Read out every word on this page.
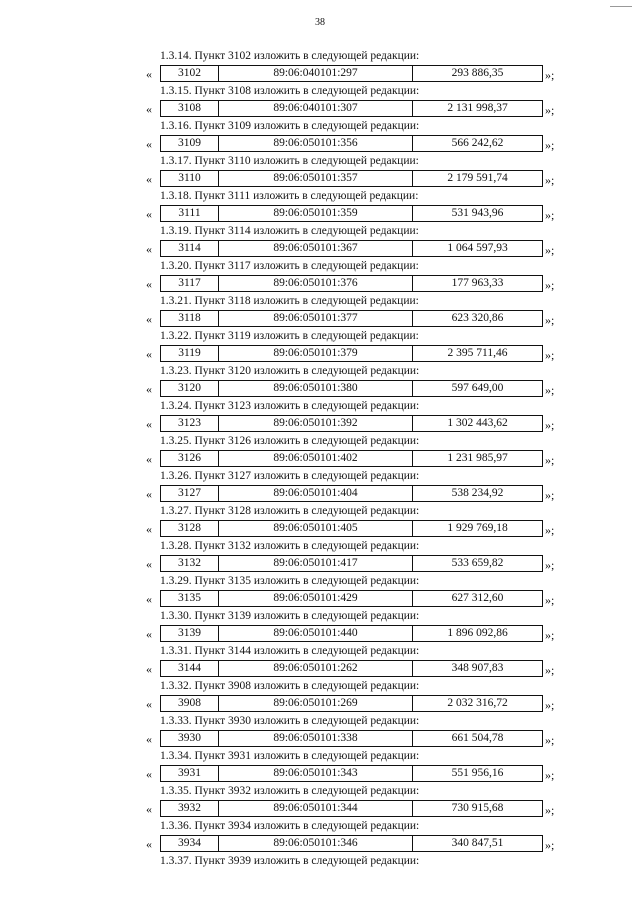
38
1.3.14. Пункт 3102 изложить в следующей редакции:
«	3102	89:06:040101:297	293 886,35	»;
1.3.15. Пункт 3108 изложить в следующей редакции:
«	3108	89:06:040101:307	2 131 998,37	»;
1.3.16. Пункт 3109 изложить в следующей редакции:
«	3109	89:06:050101:356	566 242,62	»;
1.3.17. Пункт 3110 изложить в следующей редакции:
«	3110	89:06:050101:357	2 179 591,74	»;
1.3.18. Пункт 3111 изложить в следующей редакции:
«	3111	89:06:050101:359	531 943,96	»;
1.3.19. Пункт 3114 изложить в следующей редакции:
«	3114	89:06:050101:367	1 064 597,93	»;
1.3.20. Пункт 3117 изложить в следующей редакции:
«	3117	89:06:050101:376	177 963,33	»;
1.3.21. Пункт 3118 изложить в следующей редакции:
«	3118	89:06:050101:377	623 320,86	»;
1.3.22. Пункт 3119 изложить в следующей редакции:
«	3119	89:06:050101:379	2 395 711,46	»;
1.3.23. Пункт 3120 изложить в следующей редакции:
«	3120	89:06:050101:380	597 649,00	»;
1.3.24. Пункт 3123 изложить в следующей редакции:
«	3123	89:06:050101:392	1 302 443,62	»;
1.3.25. Пункт 3126 изложить в следующей редакции:
«	3126	89:06:050101:402	1 231 985,97	»;
1.3.26. Пункт 3127 изложить в следующей редакции:
«	3127	89:06:050101:404	538 234,92	»;
1.3.27. Пункт 3128 изложить в следующей редакции:
«	3128	89:06:050101:405	1 929 769,18	»;
1.3.28. Пункт 3132 изложить в следующей редакции:
«	3132	89:06:050101:417	533 659,82	»;
1.3.29. Пункт 3135 изложить в следующей редакции:
«	3135	89:06:050101:429	627 312,60	»;
1.3.30. Пункт 3139 изложить в следующей редакции:
«	3139	89:06:050101:440	1 896 092,86	»;
1.3.31. Пункт 3144 изложить в следующей редакции:
«	3144	89:06:050101:262	348 907,83	»;
1.3.32. Пункт 3908 изложить в следующей редакции:
«	3908	89:06:050101:269	2 032 316,72	»;
1.3.33. Пункт 3930 изложить в следующей редакции:
«	3930	89:06:050101:338	661 504,78	»;
1.3.34. Пункт 3931 изложить в следующей редакции:
«	3931	89:06:050101:343	551 956,16	»;
1.3.35. Пункт 3932 изложить в следующей редакции:
«	3932	89:06:050101:344	730 915,68	»;
1.3.36. Пункт 3934 изложить в следующей редакции:
«	3934	89:06:050101:346	340 847,51	»;
1.3.37. Пункт 3939 изложить в следующей редакции:
